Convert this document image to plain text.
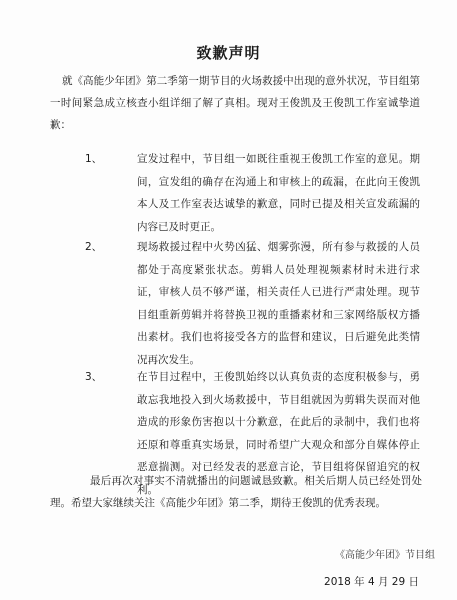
致歉声明
就《高能少年团》第二季第一期节目的火场救援中出现的意外状况，节目组第一时间紧急成立核查小组详细了解了真相。现对王俊凯及王俊凯工作室诚挚道歉：
1、	宣发过程中，节目组一如既往重视王俊凯工作室的意见。期间，宣发组的确存在沟通上和审核上的疏漏，在此向王俊凯本人及工作室表达诚挚的歉意，同时已提及相关宣发疏漏的内容已及时更正。
2、	现场救援过程中火势凶猛、烟雾弥漫，所有参与救援的人员都处于高度紧张状态。剪辑人员处理视频素材时未进行求证，审核人员不够严谨，相关责任人已进行严肃处理。现节目组重新剪辑并将替换卫视的重播素材和三家网络版权方播出素材。我们也将接受各方的监督和建议，日后避免此类情况再次发生。
3、	在节目过程中，王俊凯始终以认真负责的态度积极参与，勇敢忘我地投入到火场救援中，节目组就因为剪辑失误而对他造成的形象伤害抱以十分歉意，在此后的录制中，我们也将还原和尊重真实场景，同时希望广大观众和部分自媒体停止恶意揣测。对已经发表的恶意言论，节目组将保留追究的权利。
最后再次对事实不清就播出的问题诚恳致歉。相关后期人员已经处罚处理。希望大家继续关注《高能少年团》第二季，期待王俊凯的优秀表现。
《高能少年团》节目组
2018 年 4 月 29 日
